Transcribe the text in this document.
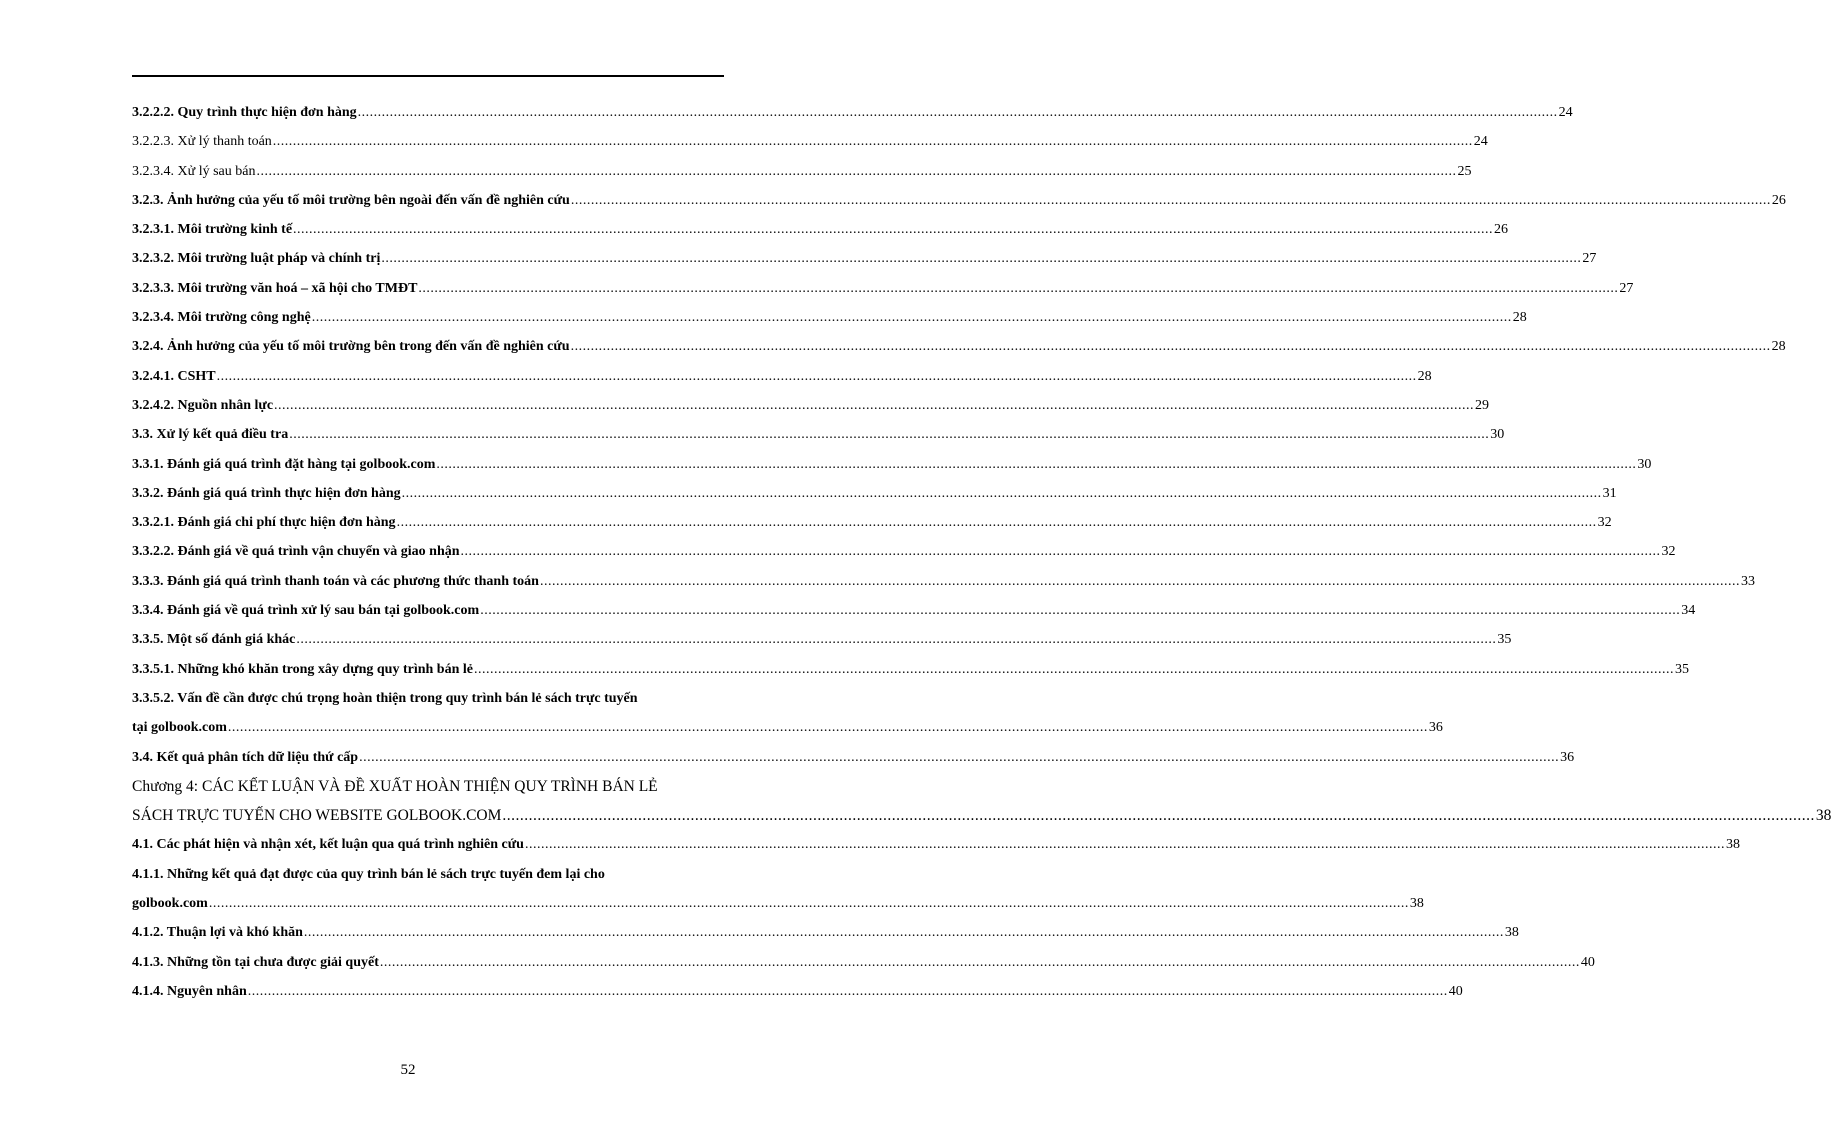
3.2.2.2. Quy trình thực hiện đơn hàng ............................................................................................................................................................................................................................................................................................................ 24
3.2.2.3. Xử lý thanh toán ............................................................................................................................................................................................................................................................................................................ 24
3.2.3.4. Xử lý sau bán ............................................................................................................................................................................................................................................................................................................ 25
3.2.3. Ảnh hưởng của yếu tố môi trường bên ngoài đến vấn đề nghiên cứu ............................................................................................................................................................................................................................................................................................................ 26
3.2.3.1. Môi trường kinh tế ............................................................................................................................................................................................................................................................................................................ 26
3.2.3.2. Môi trường luật pháp và chính trị ............................................................................................................................................................................................................................................................................................................ 27
3.2.3.3. Môi trường văn hoá – xã hội cho TMĐT ............................................................................................................................................................................................................................................................................................................ 27
3.2.3.4. Môi trường công nghệ ............................................................................................................................................................................................................................................................................................................ 28
3.2.4. Ảnh hưởng của yếu tố môi trường bên trong đến vấn đề nghiên cứu ............................................................................................................................................................................................................................................................................................................ 28
3.2.4.1. CSHT ............................................................................................................................................................................................................................................................................................................ 28
3.2.4.2. Nguồn nhân lực ............................................................................................................................................................................................................................................................................................................ 29
3.3. Xử lý kết quả điều tra ............................................................................................................................................................................................................................................................................................................ 30
3.3.1. Đánh giá quá trình đặt hàng tại golbook.com ............................................................................................................................................................................................................................................................................................................ 30
3.3.2. Đánh giá quá trình thực hiện đơn hàng ............................................................................................................................................................................................................................................................................................................ 31
3.3.2.1. Đánh giá chi phí thực hiện đơn hàng ............................................................................................................................................................................................................................................................................................................ 32
3.3.2.2. Đánh giá về quá trình vận chuyển và giao nhận ............................................................................................................................................................................................................................................................................................................ 32
3.3.3. Đánh giá quá trình thanh toán và các phương thức thanh toán ............................................................................................................................................................................................................................................................................................................ 33
3.3.4. Đánh giá về quá trình xử lý sau bán tại golbook.com ............................................................................................................................................................................................................................................................................................................ 34
3.3.5. Một số đánh giá khác ............................................................................................................................................................................................................................................................................................................ 35
3.3.5.1. Những khó khăn trong xây dựng quy trình bán lẻ ............................................................................................................................................................................................................................................................................................................ 35
3.3.5.2. Vấn đề cần được chú trọng hoàn thiện trong quy trình bán lẻ sách trực tuyến
tại golbook.com ............................................................................................................................................................................................................................................................................................................ 36
3.4. Kết quả phân tích dữ liệu thứ cấp ............................................................................................................................................................................................................................................................................................................ 36
Chương 4: CÁC KẾT LUẬN VÀ ĐỀ XUẤT HOÀN THIỆN QUY TRÌNH BÁN LẺ
SÁCH TRỰC TUYẾN CHO WEBSITE GOLBOOK.COM ............................................................................................................................................................................................................................................................................................................ 38
4.1. Các phát hiện và nhận xét, kết luận qua quá trình nghiên cứu ............................................................................................................................................................................................................................................................................................................ 38
4.1.1. Những kết quả đạt được của quy trình bán lẻ sách trực tuyến đem lại cho
golbook.com ............................................................................................................................................................................................................................................................................................................ 38
4.1.2. Thuận lợi và khó khăn ............................................................................................................................................................................................................................................................................................................ 38
4.1.3. Những tồn tại chưa được giải quyết ............................................................................................................................................................................................................................................................................................................ 40
4.1.4. Nguyên nhân ............................................................................................................................................................................................................................................................................................................ 40
52
